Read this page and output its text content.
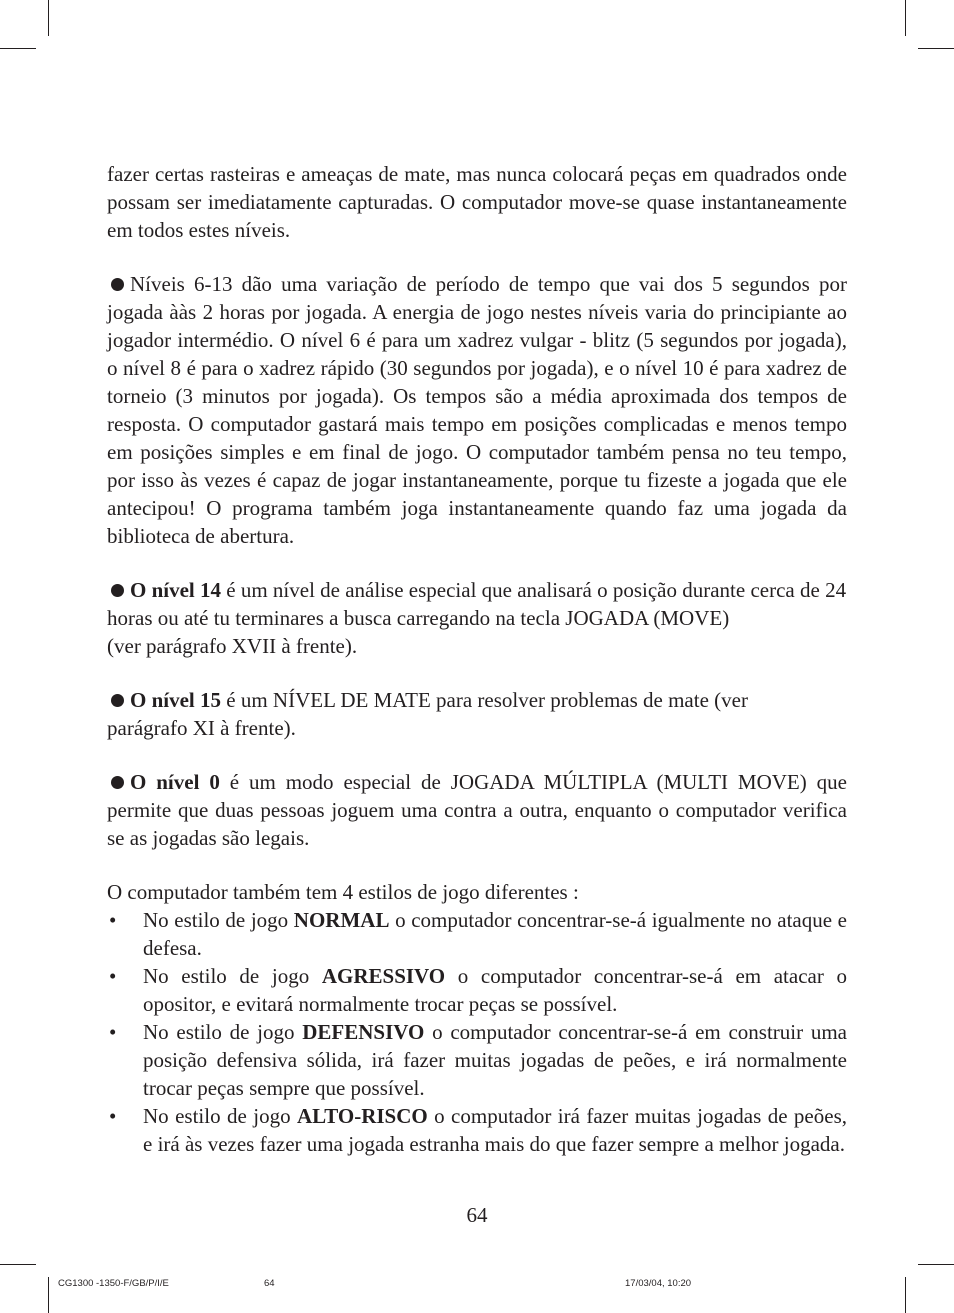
fazer certas rasteiras e ameaças de mate, mas nunca colocará peças em quadrados onde possam ser imediatamente capturadas. O computador move-se quase instantaneamente em todos estes níveis.

Níveis 6-13 dão uma variação de período de tempo que vai dos 5 segundos por jogada ààs 2 horas por jogada. A energia de jogo nestes níveis varia do principiante ao jogador intermédio. O nível 6 é para um xadrez vulgar - blitz (5 segundos por jogada), o nível 8 é para o xadrez rápido (30 segundos por jogada), e o nível 10 é para xadrez de torneio (3 minutos por jogada). Os tempos são a média aproximada dos tempos de resposta. O computador gastará mais tempo em posições complicadas e menos tempo em posições simples e em final de jogo. O computador também pensa no teu tempo, por isso às vezes é capaz de jogar instantaneamente, porque tu fizeste a jogada que ele antecipou! O programa também joga instantaneamente quando faz uma jogada da biblioteca de abertura.

O nível 14 é um nível de análise especial que analisará o posição durante cerca de 24 horas ou até tu terminares a busca carregando na tecla JOGADA (MOVE)
(ver parágrafo XVII à frente).

O nível 15 é um NÍVEL DE MATE para resolver problemas de mate (ver
parágrafo XI à frente).

O nível 0 é um modo especial de JOGADA MÚLTIPLA (MULTI MOVE) que permite que duas pessoas joguem uma contra a outra, enquanto o computador verifica se as jogadas são legais.

O computador também tem 4 estilos de jogo diferentes :

• No estilo de jogo NORMAL o computador concentrar-se-á igualmente no ataque e defesa.
• No estilo de jogo AGRESSIVO o computador concentrar-se-á em atacar o opositor, e evitará normalmente trocar peças se possível.
• No estilo de jogo DEFENSIVO o computador concentrar-se-á em construir uma posição defensiva sólida, irá fazer muitas jogadas de peões, e irá normalmente trocar peças sempre que possível.
• No estilo de jogo ALTO-RISCO o computador irá fazer muitas jogadas de peões, e irá às vezes fazer uma jogada estranha mais do que fazer sempre a melhor jogada.
64
CG1300 -1350-F/GB/P/I/E	64	17/03/04, 10:20
